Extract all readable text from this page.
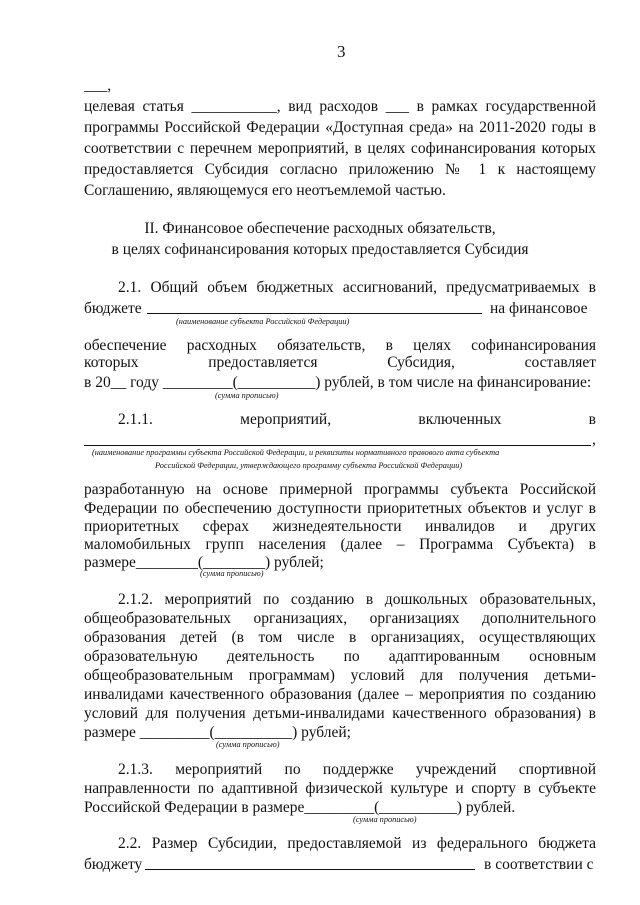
3
___,
целевая статья ___________, вид расходов ___ в рамках государственной
программы Российской Федерации «Доступная среда» на 2011-2020 годы в
соответствии с перечнем мероприятий, в целях софинансирования которых
предоставляется Субсидия согласно приложению № 1 к настоящему
Соглашению, являющемуся его неотъемлемой частью.
II. Финансовое обеспечение расходных обязательств,
в целях софинансирования которых предоставляется Субсидия
2.1. Общий объем бюджетных ассигнований, предусматриваемых в
бюджете	на финансовое
(наименование субъекта Российской Федерации)
обеспечение расходных обязательств, в целях софинансирования
которых предоставляется Субсидия, составляет
в 20__ году _________(__________) рублей, в том числе на финансирование:
(сумма прописью)
2.1.1. мероприятий, включенных в
,
(наименование программы субъекта Российской Федерации, и реквизиты нормативного правового акта субъекта
Российской Федерации, утверждающего программу субъекта Российской Федерации)
разработанную на основе примерной программы субъекта Российской
Федерации по обеспечению доступности приоритетных объектов и услуг в
приоритетных сферах жизнедеятельности инвалидов и других
маломобильных групп населения (далее – Программа Субъекта) в
размере________(________) рублей;
(сумма прописью)
2.1.2. мероприятий по созданию в дошкольных образовательных,
общеобразовательных организациях, организациях дополнительного
образования детей (в том числе в организациях, осуществляющих
образовательную деятельность по адаптированным основным
общеобразовательным программам) условий для получения детьми-
инвалидами качественного образования (далее – мероприятия по созданию
условий для получения детьми-инвалидами качественного образования) в
размере _________(__________) рублей;
(сумма прописью)
2.1.3. мероприятий по поддержке учреждений спортивной
направленности по адаптивной физической культуре и спорту в субъекте
Российской Федерации в размере_________(__________) рублей.
(сумма прописью)
2.2. Размер Субсидии, предоставляемой из федерального бюджета
бюджету	в соответствии с
